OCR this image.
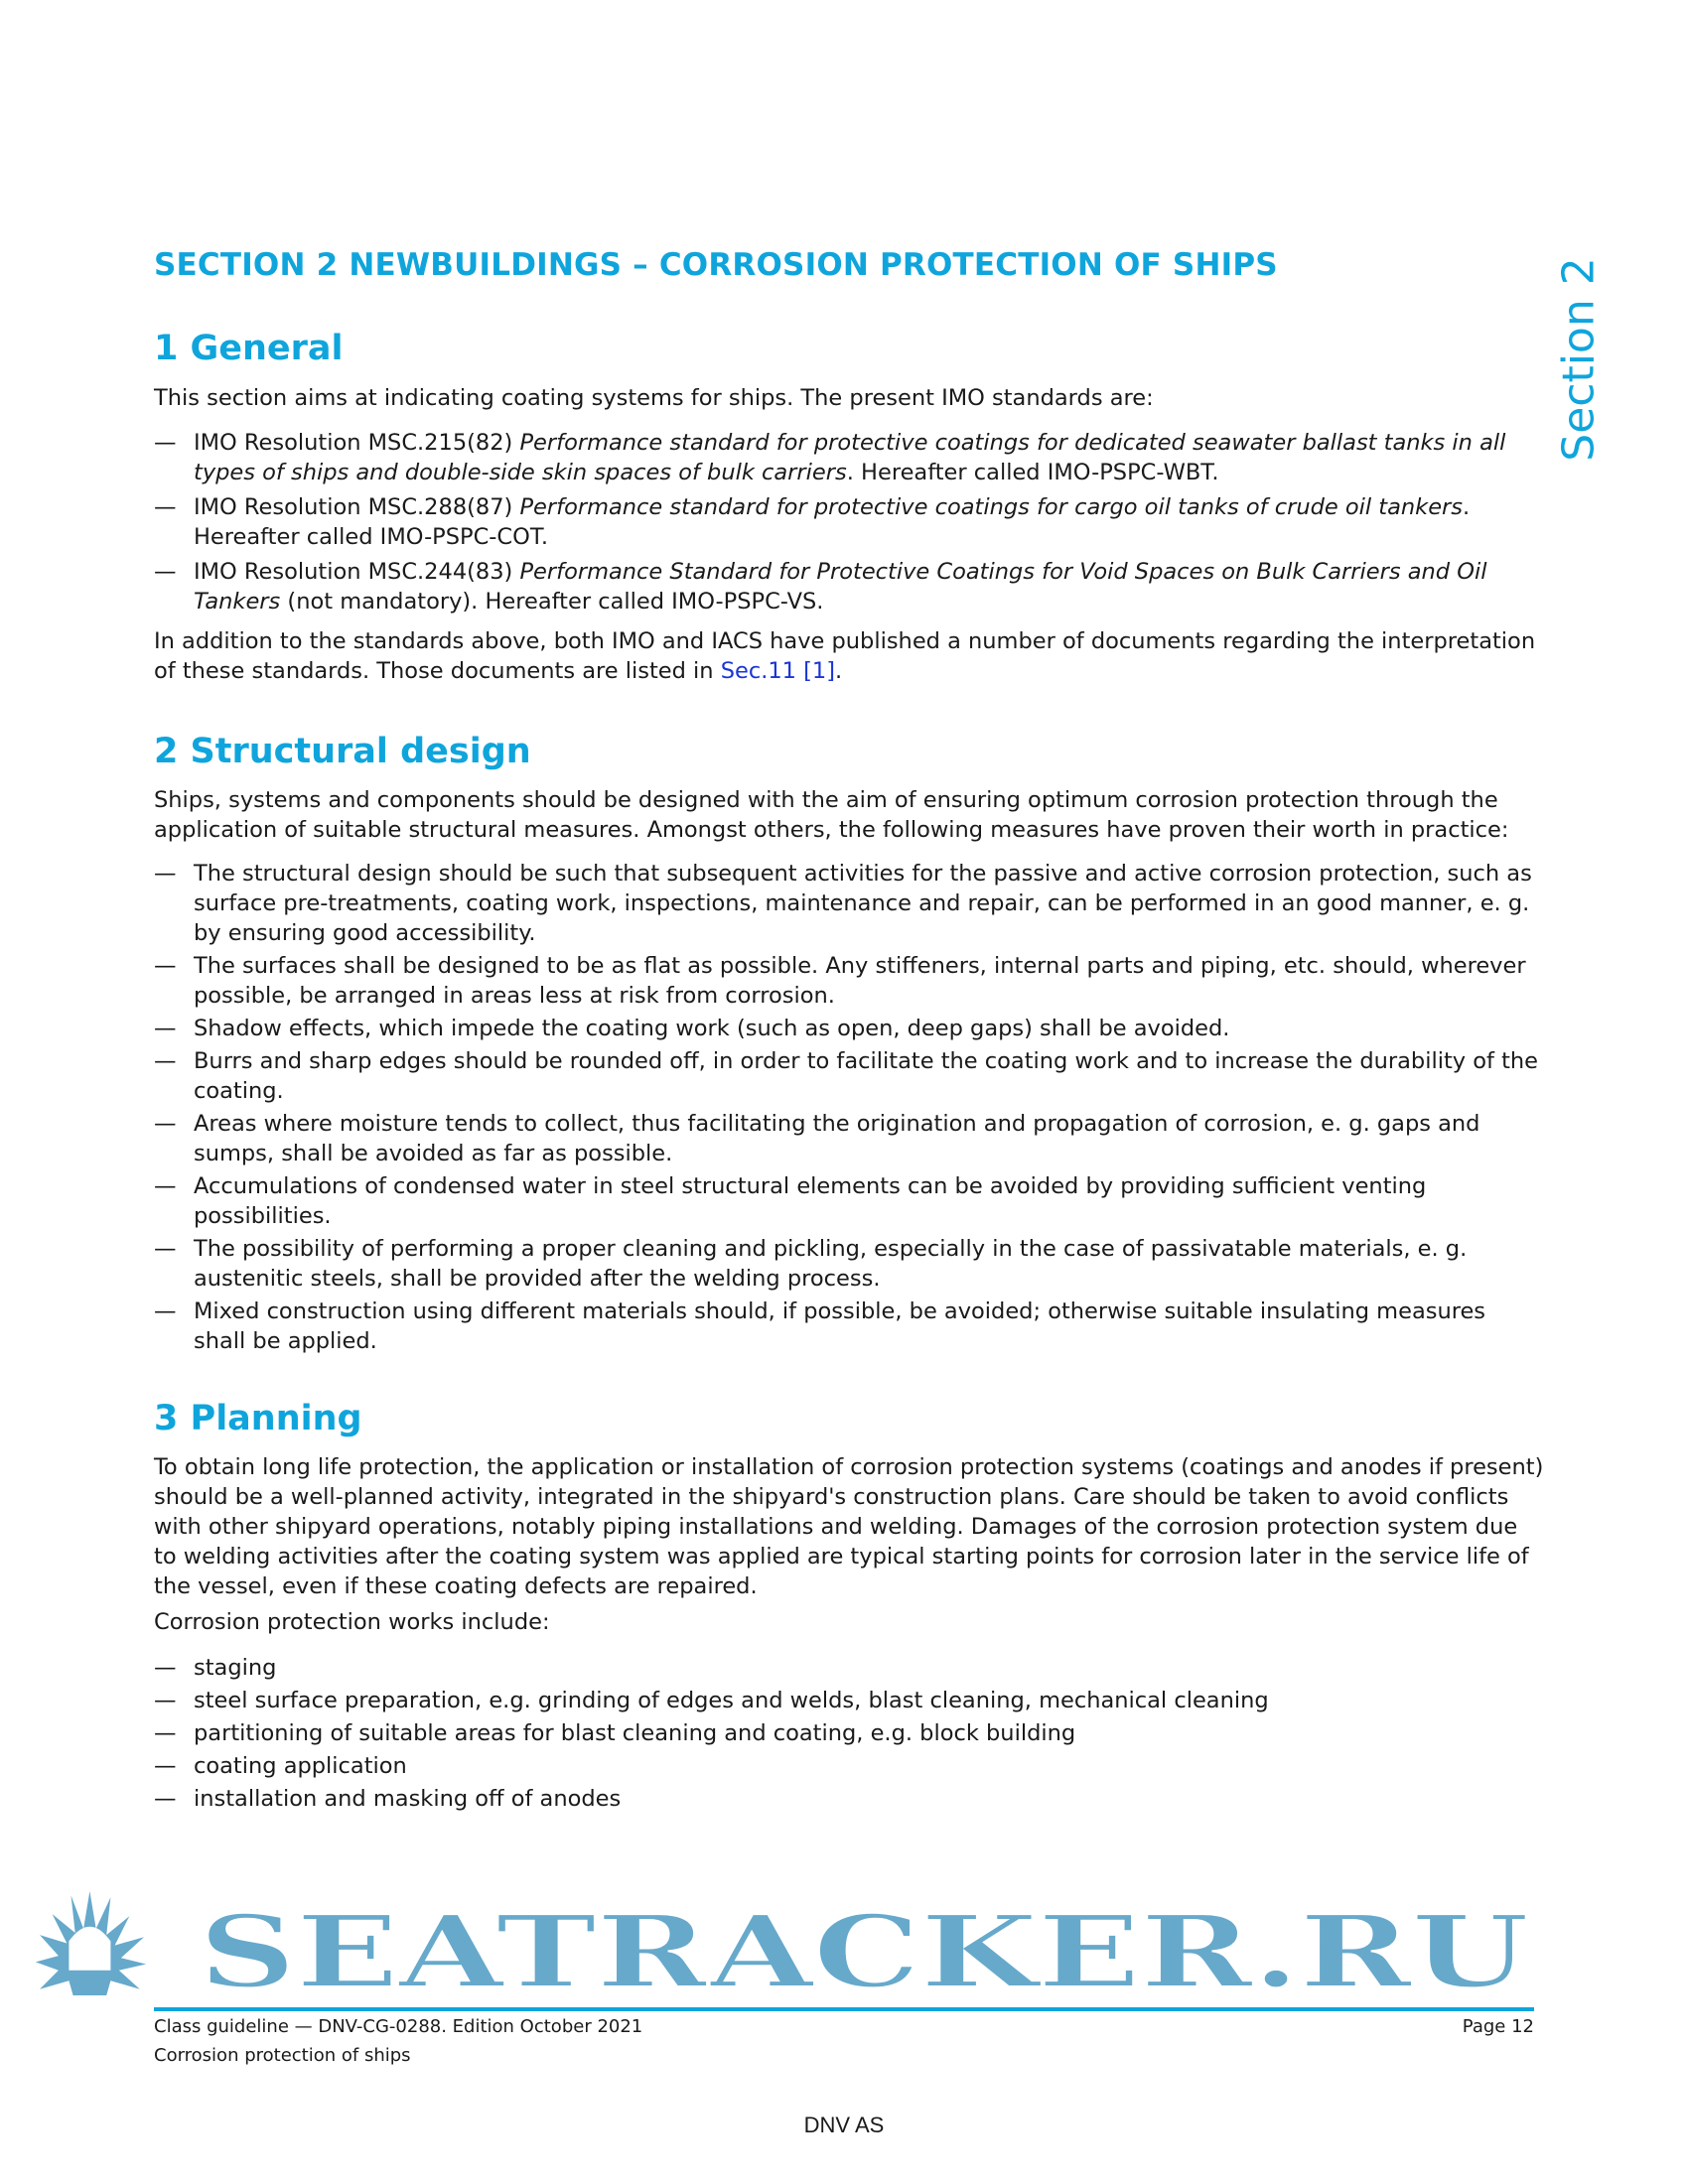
Section 2
SECTION 2 NEWBUILDINGS – CORROSION PROTECTION OF SHIPS
1 General
This section aims at indicating coating systems for ships. The present IMO standards are:
— IMO Resolution MSC.215(82) Performance standard for protective coatings for dedicated seawater ballast tanks in all types of ships and double-side skin spaces of bulk carriers. Hereafter called IMO-PSPC-WBT.
— IMO Resolution MSC.288(87) Performance standard for protective coatings for cargo oil tanks of crude oil tankers. Hereafter called IMO-PSPC-COT.
— IMO Resolution MSC.244(83) Performance Standard for Protective Coatings for Void Spaces on Bulk Carriers and Oil Tankers (not mandatory). Hereafter called IMO-PSPC-VS.
In addition to the standards above, both IMO and IACS have published a number of documents regarding the interpretation of these standards. Those documents are listed in Sec.11 [1].
2 Structural design
Ships, systems and components should be designed with the aim of ensuring optimum corrosion protection through the application of suitable structural measures. Amongst others, the following measures have proven their worth in practice:
— The structural design should be such that subsequent activities for the passive and active corrosion protection, such as surface pre-treatments, coating work, inspections, maintenance and repair, can be performed in an good manner, e. g. by ensuring good accessibility.
— The surfaces shall be designed to be as flat as possible. Any stiffeners, internal parts and piping, etc. should, wherever possible, be arranged in areas less at risk from corrosion.
— Shadow effects, which impede the coating work (such as open, deep gaps) shall be avoided.
— Burrs and sharp edges should be rounded off, in order to facilitate the coating work and to increase the durability of the coating.
— Areas where moisture tends to collect, thus facilitating the origination and propagation of corrosion, e. g. gaps and sumps, shall be avoided as far as possible.
— Accumulations of condensed water in steel structural elements can be avoided by providing sufficient venting possibilities.
— The possibility of performing a proper cleaning and pickling, especially in the case of passivatable materials, e. g. austenitic steels, shall be provided after the welding process.
— Mixed construction using different materials should, if possible, be avoided; otherwise suitable insulating measures shall be applied.
3 Planning
To obtain long life protection, the application or installation of corrosion protection systems (coatings and anodes if present) should be a well-planned activity, integrated in the shipyard's construction plans. Care should be taken to avoid conflicts with other shipyard operations, notably piping installations and welding. Damages of the corrosion protection system due to welding activities after the coating system was applied are typical starting points for corrosion later in the service life of the vessel, even if these coating defects are repaired.
Corrosion protection works include:
— staging
— steel surface preparation, e.g. grinding of edges and welds, blast cleaning, mechanical cleaning
— partitioning of suitable areas for blast cleaning and coating, e.g. block building
— coating application
— installation and masking off of anodes
SEATRACKER.RU
Class guideline — DNV-CG-0288. Edition October 2021
Corrosion protection of ships
Page 12
DNV AS
